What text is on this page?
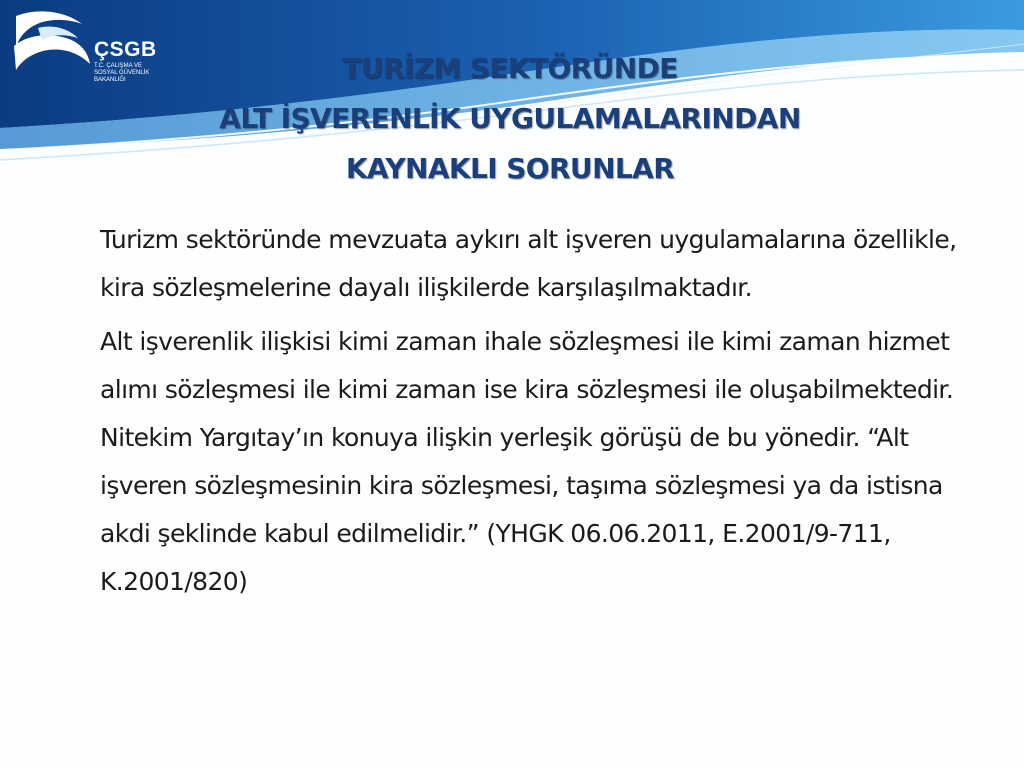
ÇSGB
T.C. ÇALIŞMA VE
SOSYAL GÜVENLİK
BAKANLIĞI	TURİZM SEKTÖRÜNDE
ALT İŞVERENLİK UYGULAMALARINDAN
KAYNAKLI SORUNLAR

Turizm sektöründe mevzuata aykırı alt işveren uygulamalarına özellikle, kira sözleşmelerine dayalı ilişkilerde karşılaşılmaktadır.

Alt işverenlik ilişkisi kimi zaman ihale sözleşmesi ile kimi zaman hizmet alımı sözleşmesi ile kimi zaman ise kira sözleşmesi ile oluşabilmektedir. Nitekim Yargıtay’ın konuya ilişkin yerleşik görüşü de bu yönedir. “Alt işveren sözleşmesinin kira sözleşmesi, taşıma sözleşmesi ya da istisna akdi şeklinde kabul edilmelidir.” (YHGK 06.06.2011, E.2001/9-711, K.2001/820)
